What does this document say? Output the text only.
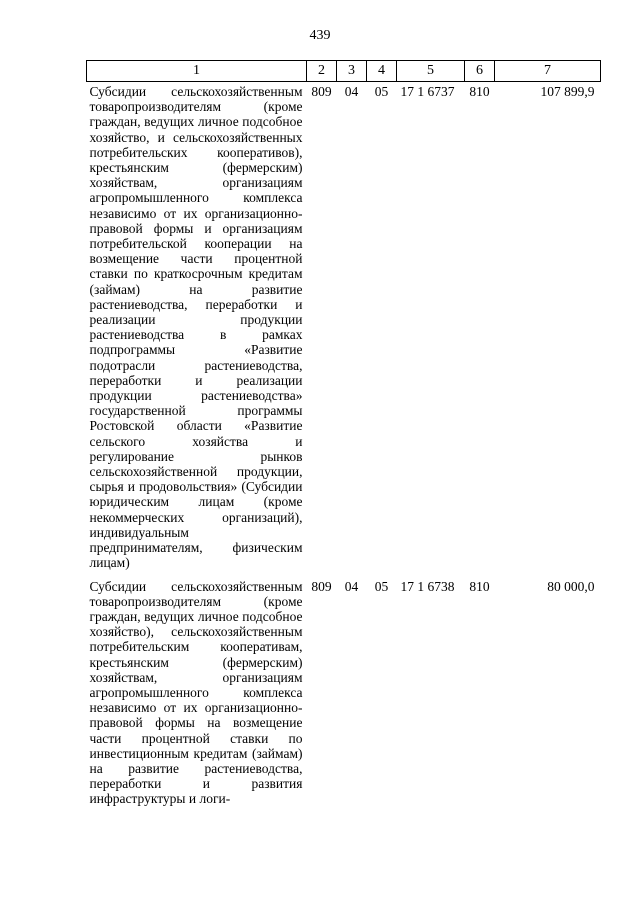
439
1	2	3	4	5	6	7
Субсидии сельскохозяйственным товаропроизводителям (кроме граждан, ведущих личное подсобное хозяйство, и сельскохозяйственных потребительских кооперативов), крестьянским (фермерским) хозяйствам, организациям агропромышленного комплекса независимо от их организационно-правовой формы и организациям потребительской кооперации на возмещение части процентной ставки по краткосрочным кредитам (займам) на развитие растениеводства, переработки и реализации продукции растениеводства в рамках подпрограммы «Развитие подотрасли растениеводства, переработки и реализации продукции растениеводства» государственной программы Ростовской области «Развитие сельского хозяйства и регулирование рынков сельскохозяйственной продукции, сырья и продовольствия» (Субсидии юридическим лицам (кроме некоммерческих организаций), индивидуальным предпринимателям, физическим лицам)	809	04	05	17 1 6737	810	107 899,9
Субсидии сельскохозяйственным товаропроизводителям (кроме граждан, ведущих личное подсобное хозяйство), сельскохозяйственным потребительским кооперативам, крестьянским (фермерским) хозяйствам, организациям агропромышленного комплекса независимо от их организационно-правовой формы на возмещение части процентной ставки по инвестиционным кредитам (займам) на развитие растениеводства, переработки и развития инфраструктуры и логи-	809	04	05	17 1 6738	810	80 000,0
